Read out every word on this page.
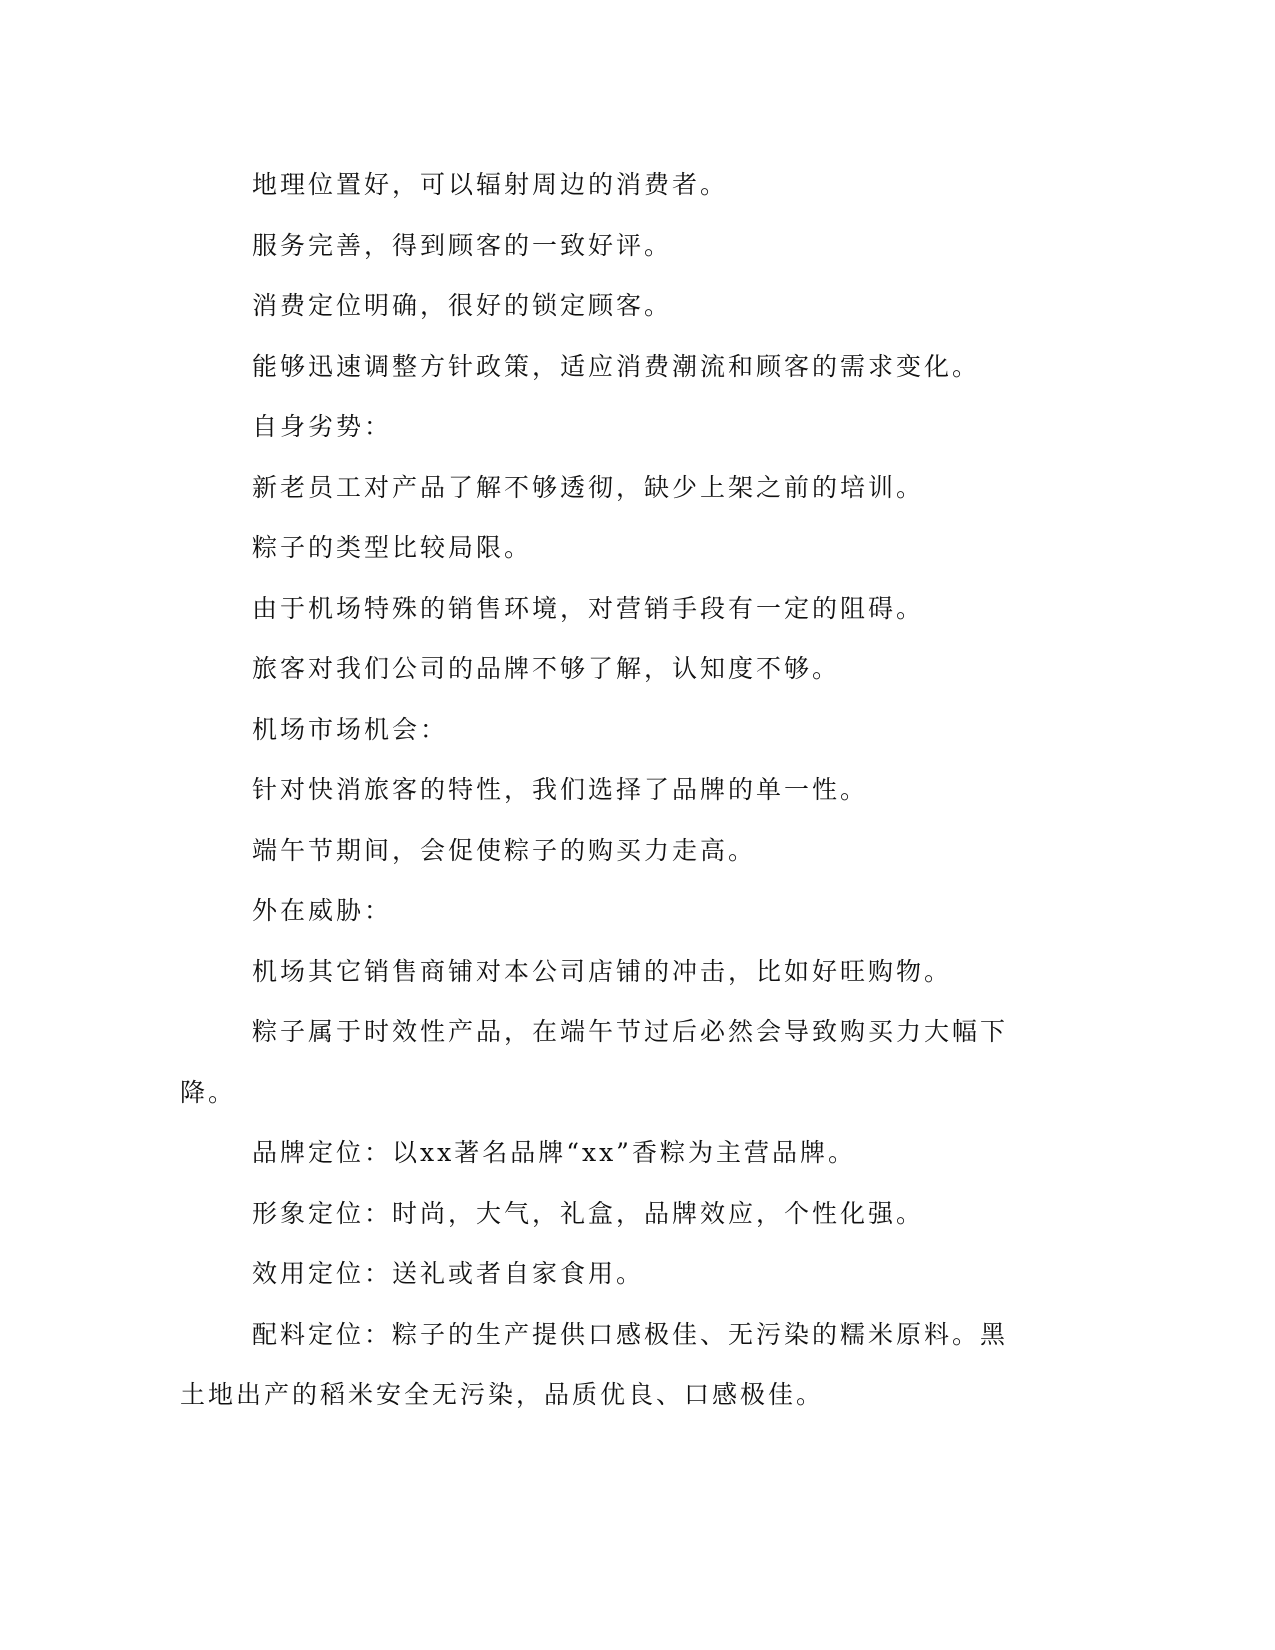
地理位置好，可以辐射周边的消费者。

服务完善，得到顾客的一致好评。

消费定位明确，很好的锁定顾客。

能够迅速调整方针政策，适应消费潮流和顾客的需求变化。

自身劣势：

新老员工对产品了解不够透彻，缺少上架之前的培训。

粽子的类型比较局限。

由于机场特殊的销售环境，对营销手段有一定的阻碍。

旅客对我们公司的品牌不够了解，认知度不够。

机场市场机会：

针对快消旅客的特性，我们选择了品牌的单一性。

端午节期间，会促使粽子的购买力走高。

外在威胁：

机场其它销售商铺对本公司店铺的冲击，比如好旺购物。

粽子属于时效性产品，在端午节过后必然会导致购买力大幅下降。

品牌定位：以xx著名品牌“xx”香粽为主营品牌。

形象定位：时尚，大气，礼盒，品牌效应，个性化强。

效用定位：送礼或者自家食用。

配料定位：粽子的生产提供口感极佳、无污染的糯米原料。黑土地出产的稻米安全无污染，品质优良、口感极佳。
